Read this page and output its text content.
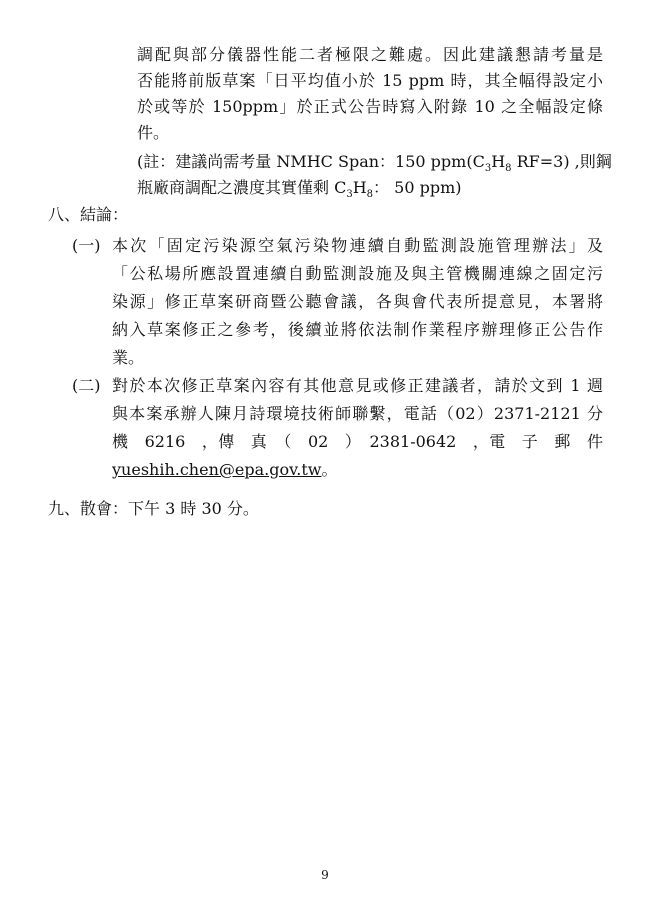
調配與部分儀器性能二者極限之難處。因此建議懇請考量是
否能將前版草案「日平均值小於 15 ppm 時，其全幅得設定小
於或等於 150ppm」於正式公告時寫入附錄 10 之全幅設定條
件。
(註：建議尚需考量 NMHC Span：150 $ppm(C_3H_8$ RF=3) ,則鋼
瓶廠商調配之濃度其實僅剩 $C_3H_8$： 50 ppm)
八、結論：
(一) 本次「固定污染源空氣污染物連續自動監測設施管理辦法」及
「公私場所應設置連續自動監測設施及與主管機關連線之固定污
染源」修正草案研商暨公聽會議，各與會代表所提意見，本署將
納入草案修正之參考，後續並將依法制作業程序辦理修正公告作
業。
(二) 對於本次修正草案內容有其他意見或修正建議者，請於文到 1 週
與本案承辦人陳月詩環境技術師聯繫，電話（02）2371-2121 分
機　6216　，傳　真　（　02　）　2381-0642　，電　子　郵　件
yueshih.chen@epa.gov.tw。
九、散會：下午 3 時 30 分。
9
